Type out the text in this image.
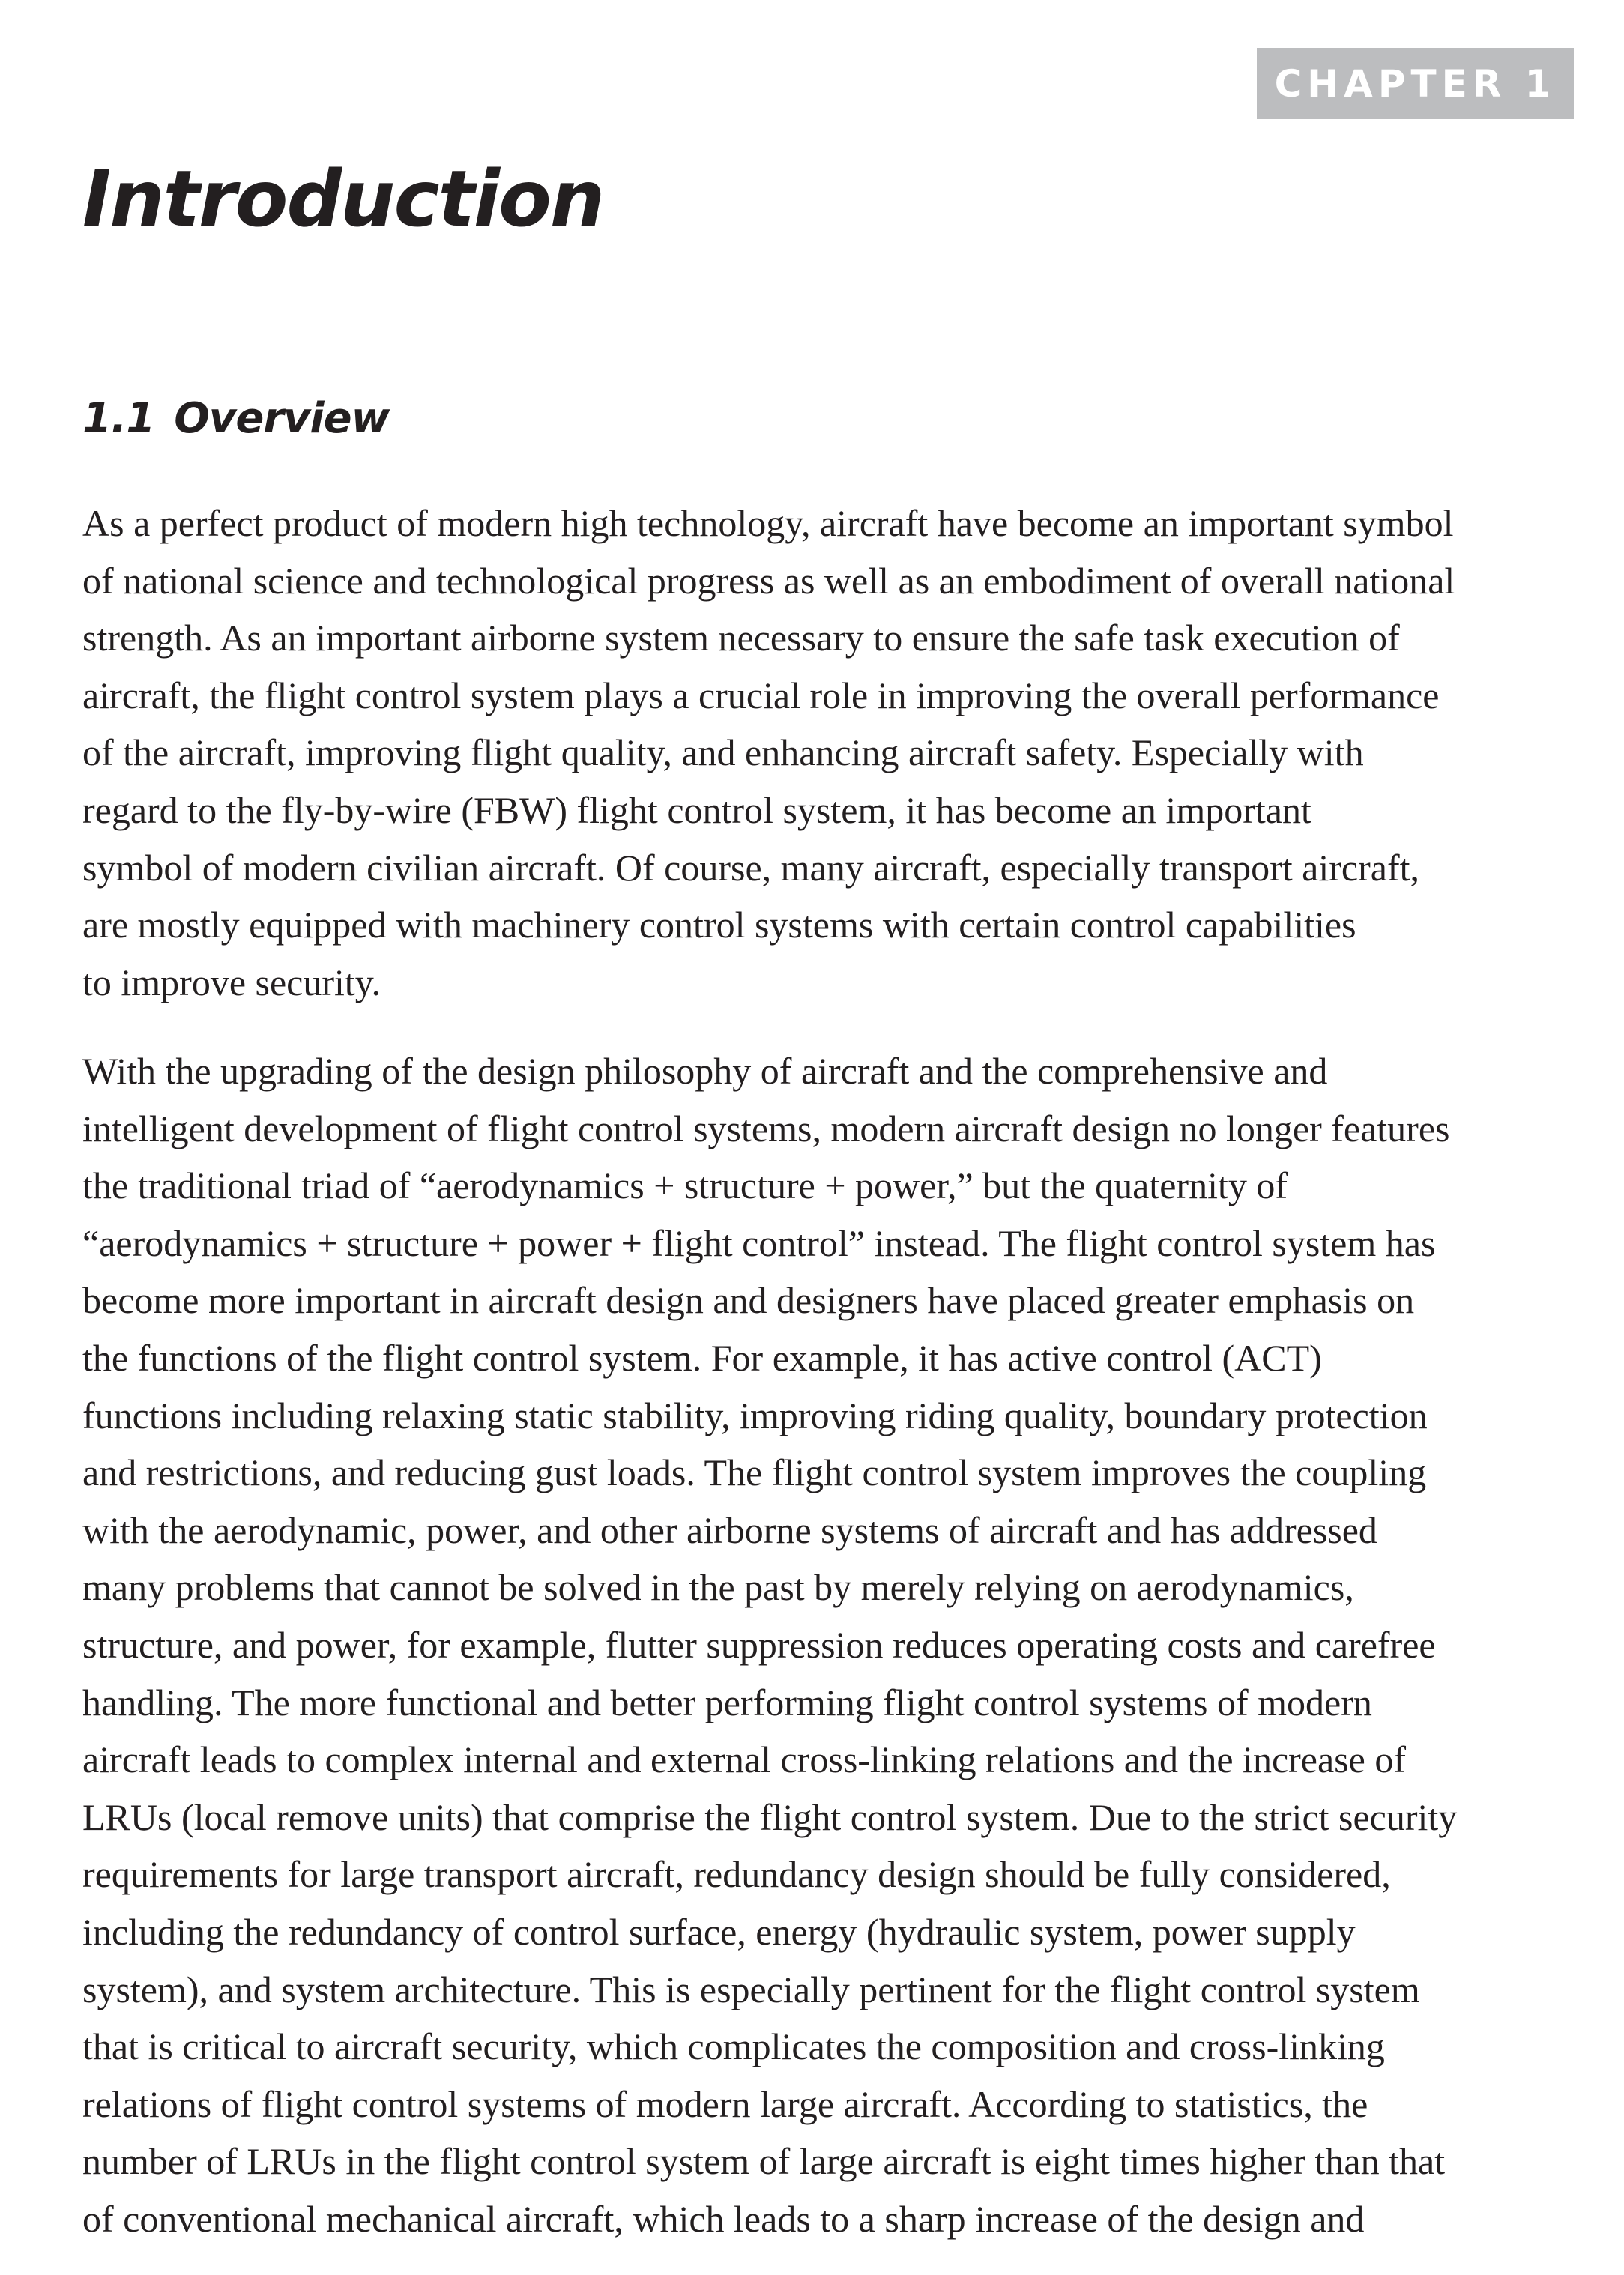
CHAPTER 1
Introduction
1.1 Overview
As a perfect product of modern high technology, aircraft have become an important symbol
of national science and technological progress as well as an embodiment of overall national
strength. As an important airborne system necessary to ensure the safe task execution of
aircraft, the flight control system plays a crucial role in improving the overall performance
of the aircraft, improving flight quality, and enhancing aircraft safety. Especially with
regard to the fly-by-wire (FBW) flight control system, it has become an important
symbol of modern civilian aircraft. Of course, many aircraft, especially transport aircraft,
are mostly equipped with machinery control systems with certain control capabilities
to improve security.
With the upgrading of the design philosophy of aircraft and the comprehensive and
intelligent development of flight control systems, modern aircraft design no longer features
the traditional triad of “aerodynamics + structure + power,” but the quaternity of
“aerodynamics + structure + power + flight control” instead. The flight control system has
become more important in aircraft design and designers have placed greater emphasis on
the functions of the flight control system. For example, it has active control (ACT)
functions including relaxing static stability, improving riding quality, boundary protection
and restrictions, and reducing gust loads. The flight control system improves the coupling
with the aerodynamic, power, and other airborne systems of aircraft and has addressed
many problems that cannot be solved in the past by merely relying on aerodynamics,
structure, and power, for example, flutter suppression reduces operating costs and carefree
handling. The more functional and better performing flight control systems of modern
aircraft leads to complex internal and external cross-linking relations and the increase of
LRUs (local remove units) that comprise the flight control system. Due to the strict security
requirements for large transport aircraft, redundancy design should be fully considered,
including the redundancy of control surface, energy (hydraulic system, power supply
system), and system architecture. This is especially pertinent for the flight control system
that is critical to aircraft security, which complicates the composition and cross-linking
relations of flight control systems of modern large aircraft. According to statistics, the
number of LRUs in the flight control system of large aircraft is eight times higher than that
of conventional mechanical aircraft, which leads to a sharp increase of the design and
